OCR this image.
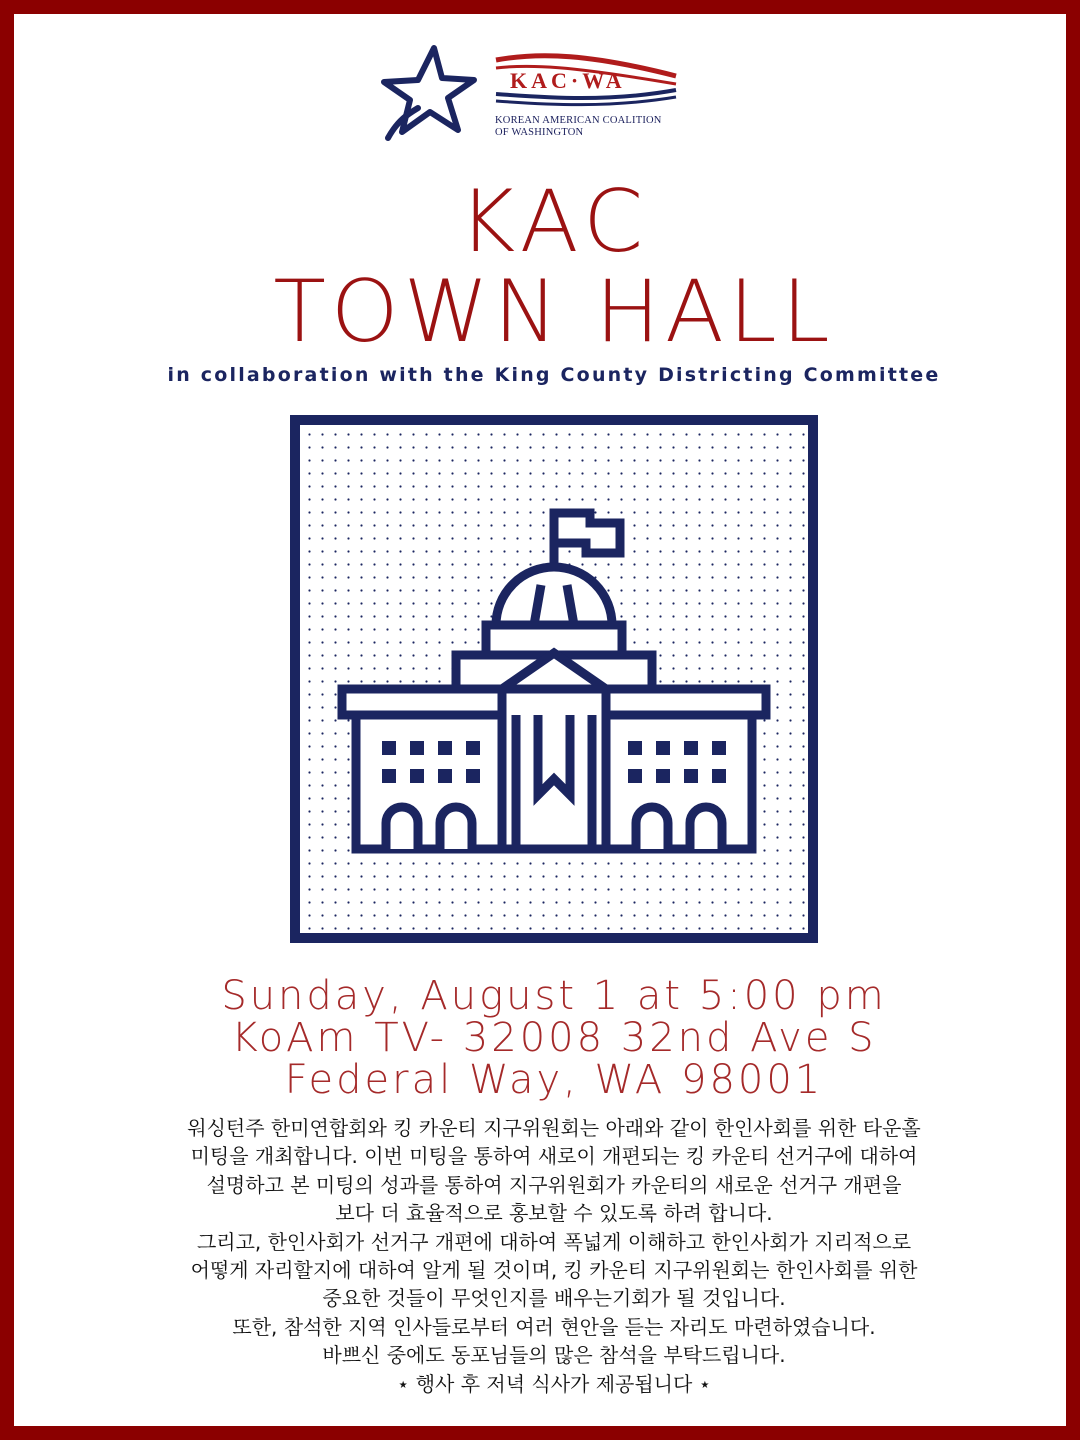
KAC·WA
KOREAN AMERICAN COALITION
OF WASHINGTON
KAC
TOWN HALL
in collaboration with the King County Districting Committee
Sunday, August 1 at 5:00 pm
KoAm TV- 32008 32nd Ave S
Federal Way, WA 98001
워싱턴주 한미연합회와 킹 카운티 지구위원회는 아래와 같이 한인사회를 위한 타운홀
미팅을 개최합니다. 이번 미팅을 통하여 새로이 개편되는 킹 카운티 선거구에 대하여
설명하고 본 미팅의 성과를 통하여 지구위원회가 카운티의 새로운 선거구 개편을
보다 더 효율적으로 홍보할 수 있도록 하려 합니다.
그리고, 한인사회가 선거구 개편에 대하여 폭넓게 이해하고 한인사회가 지리적으로
어떻게 자리할지에 대하여 알게 될 것이며, 킹 카운티 지구위원회는 한인사회를 위한
중요한 것들이 무엇인지를 배우는기회가 될 것입니다.
또한, 참석한 지역 인사들로부터 여러 현안을 듣는 자리도 마련하였습니다.
바쁘신 중에도 동포님들의 많은 참석을 부탁드립니다.
⋆ 행사 후 저녁 식사가 제공됩니다 ⋆
